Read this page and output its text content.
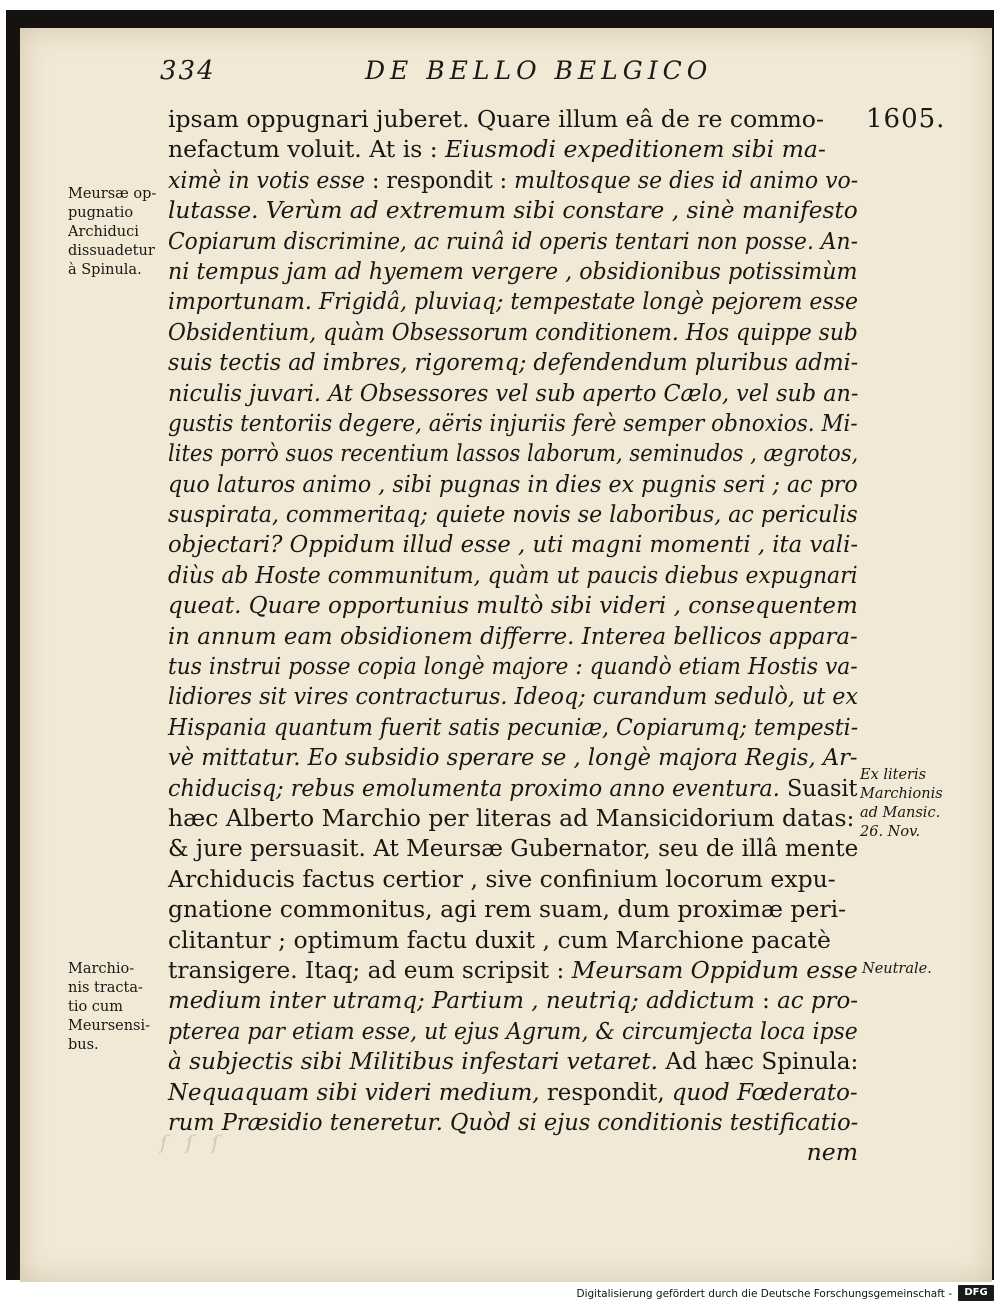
334	DE BELLO BELGICO
1605.
Meursæ op-
pugnatio
Archiduci
dissuadetur
à Spinula.
Marchio-
nis tracta-
tio cum
Meursensi-
bus.
Ex literis
Marchionis
ad Mansic.
26. Nov.
Neutrale.
ipsam oppugnari juberet. Quare illum eâ de re commo-
nefactum voluit. At is : Eiusmodi expeditionem sibi ma-
ximè in votis esse : respondit : multosque se dies id animo vo-
lutasse. Verùm ad extremum sibi constare , sinè manifesto
Copiarum discrimine, ac ruinâ id operis tentari non posse. An-
ni tempus jam ad hyemem vergere , obsidionibus potissimùm
importunam. Frigidâ, pluviaq; tempestate longè pejorem esse
Obsidentium, quàm Obsessorum conditionem. Hos quippe sub
suis tectis ad imbres, rigoremq; defendendum pluribus admi-
niculis juvari. At Obsessores vel sub aperto Cælo, vel sub an-
gustis tentoriis degere, aëris injuriis ferè semper obnoxios. Mi-
lites porrò suos recentium lassos laborum, seminudos , ægrotos,
quo laturos animo , sibi pugnas in dies ex pugnis seri ; ac pro
suspirata, commeritaq; quiete novis se laboribus, ac periculis
objectari? Oppidum illud esse , uti magni momenti , ita vali-
diùs ab Hoste communitum, quàm ut paucis diebus expugnari
queat. Quare opportunius multò sibi videri , consequentem
in annum eam obsidionem differre. Interea bellicos appara-
tus instrui posse copia longè majore : quandò etiam Hostis va-
lidiores sit vires contracturus. Ideoq; curandum sedulò, ut ex
Hispania quantum fuerit satis pecuniæ, Copiarumq; tempesti-
vè mittatur. Eo subsidio sperare se , longè majora Regis, Ar-
chiducisq; rebus emolumenta proximo anno eventura. Suasit
hæc Alberto Marchio per literas ad Mansicidorium datas:
& jure persuasit. At Meursæ Gubernator, seu de illâ mente
Archiducis factus certior , sive confinium locorum expu-
gnatione commonitus, agi rem suam, dum proximæ peri-
clitantur ; optimum factu duxit , cum Marchione pacatè
transigere. Itaq; ad eum scripsit : Meursam Oppidum esse
medium inter utramq; Partium , neutriq; addictum : ac pro-
pterea par etiam esse, ut ejus Agrum, & circumjecta loca ipse
à subjectis sibi Militibus infestari vetaret. Ad hæc Spinula:
Nequaquam sibi videri medium, respondit, quod Fœderato-
rum Præsidio teneretur. Quòd si ejus conditionis testificatio-
nem
ſ ſ ſ
Digitalisierung gefördert durch die Deutsche Forschungsgemeinschaft -	DFG
